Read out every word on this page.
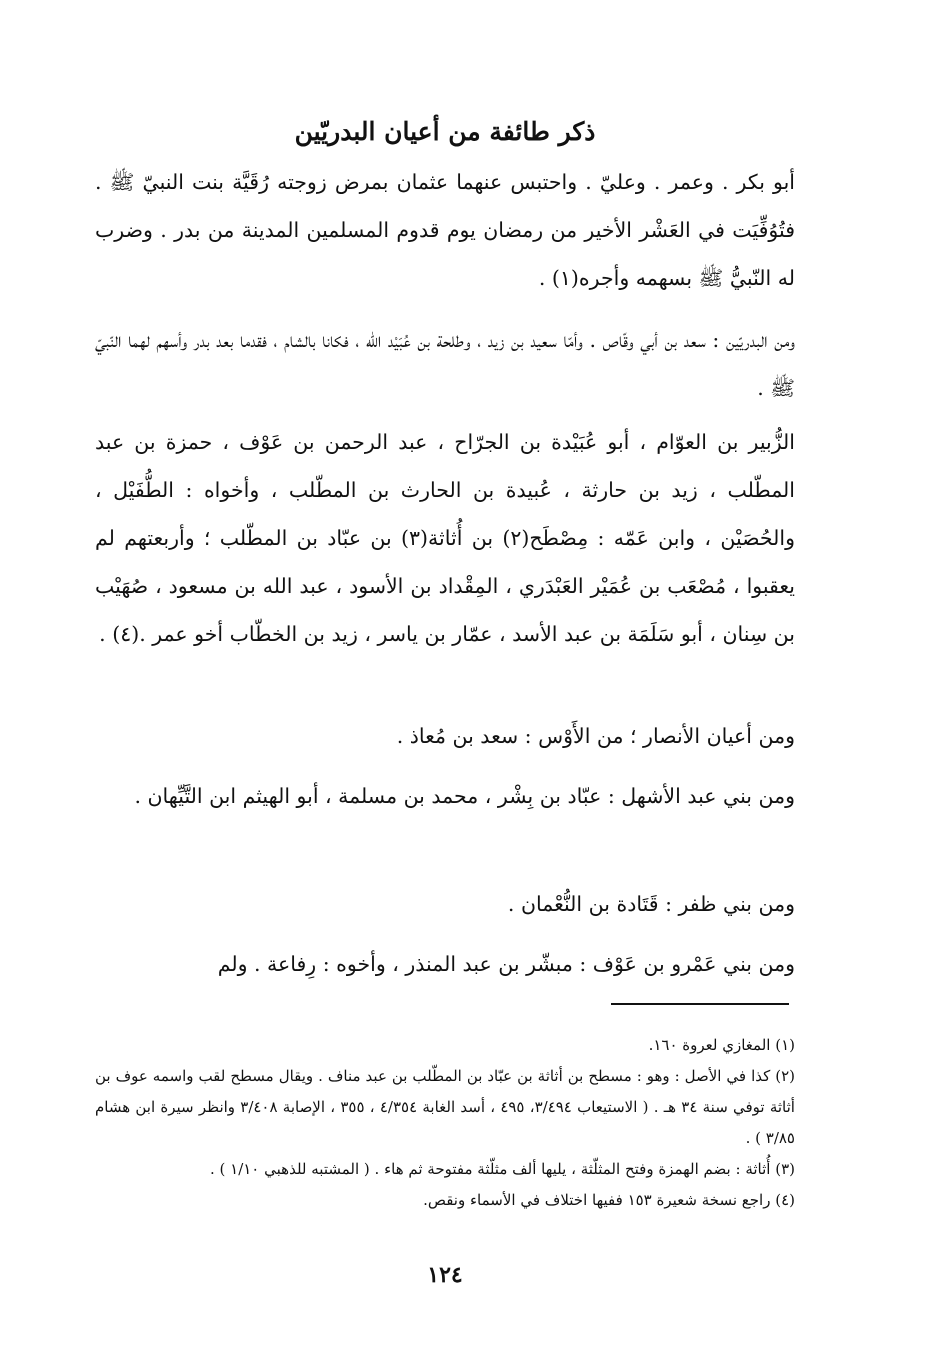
ذكر طائفة من أعيان البدريّين

أبو بكر . وعمر . وعليّ . واحتبس عنهما عثمان بمرض زوجته رُقَيَّة بنت النبيّ ﷺ . فتُوُفِّيَت في العَشْر الأخير من رمضان يوم قدوم المسلمين المدينة من بدر . وضرب له النّبيُّ ﷺ بسهمه وأجره(١) .

ومن البدريّين : سعد بن أبي وقّاص . وأمّا سعيد بن زيد ، وطلحة بن عُبَيْد الله ، فكانا بالشام ، فقدما بعد بدر وأسهم لهما النّبيّ ﷺ .

الزُّبير بن العوّام ، أبو عُبَيْدة بن الجرّاح ، عبد الرحمن بن عَوْف ، حمزة بن عبد المطّلب ، زيد بن حارثة ، عُبيدة بن الحارث بن المطّلب ، وأخواه : الطُّفَيْل ، والحُصَيْن ، وابن عَمّه : مِصْطَح(٢) بن أُثاثة(٣) بن عبّاد بن المطّلب ؛ وأربعتهم لم يعقبوا ، مُصْعَب بن عُمَيْر العَبْدَري ، المِقْداد بن الأسود ، عبد الله بن مسعود ، صُهَيْب بن سِنان ، أبو سَلَمَة بن عبد الأسد ، عمّار بن ياسر ، زيد بن الخطّاب أخو عمر .(٤) .

ومن أعيان الأنصار ؛ من الأَوْس : سعد بن مُعاذ .

ومن بني عبد الأشهل : عبّاد بن بِشْر ، محمد بن مسلمة ، أبو الهيثم ابن التَّيِّهان .

ومن بني ظفر : قَتَادة بن النُّعْمان .

ومن بني عَمْرو بن عَوْف : مبشّر بن عبد المنذر ، وأخوه : رِفاعة . ولم

(١) المغازي لعروة ١٦٠.
(٢) كذا في الأصل : وهو : مسطح بن أثاثة بن عبّاد بن المطّلب بن عبد مناف . ويقال مسطح لقب واسمه عوف بن أثاثة توفي سنة ٣٤ هـ . ( الاستيعاب ٣/٤٩٤، ٤٩٥ ، أسد الغابة ٤/٣٥٤ ، ٣٥٥ ، الإصابة ٣/٤٠٨ وانظر سيرة ابن هشام ٣/٨٥ ) .
(٣) أُثاثة : بضم الهمزة وفتح المثلّثة ، يليها ألف مثلّثة مفتوحة ثم هاء . ( المشتبه للذهبي ١/١٠ ) .
(٤) راجع نسخة شعيرة ١٥٣ ففيها اختلاف في الأسماء ونقص.
١٢٤
